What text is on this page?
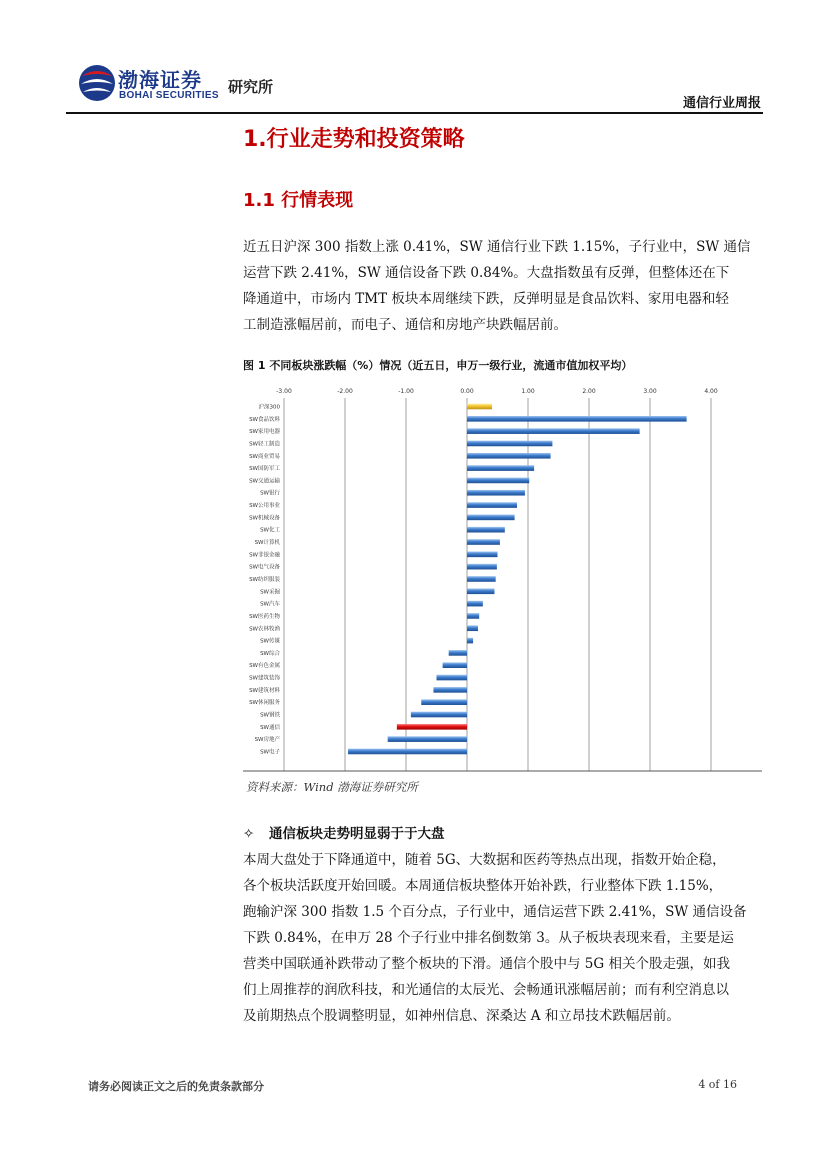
渤海证券
BOHAI SECURITIES 研究所
通信行业周报
1.行业走势和投资策略
1.1 行情表现
近五日沪深 300 指数上涨 0.41%，SW 通信行业下跌 1.15%，子行业中，SW 通信
运营下跌 2.41%，SW 通信设备下跌 0.84%。大盘指数虽有反弹，但整体还在下
降通道中，市场内 TMT 板块本周继续下跌，反弹明显是食品饮料、家用电器和轻
工制造涨幅居前，而电子、通信和房地产块跌幅居前。
图 1 不同板块涨跌幅（%）情况（近五日，申万一级行业，流通市值加权平均）
-3.00	-2.00	-1.00	0.00	1.00	2.00	3.00	4.00
沪深300
SW食品饮料
SW家用电器
SW轻工制造
SW商业贸易
SW国防军工
SW交通运输
SW银行
SW公用事业
SW机械设备
SW化工
SW计算机
SW非银金融
SW电气设备
SW纺织服装
SW采掘
SW汽车
SW医药生物
SW农林牧渔
SW传媒
SW综合
SW有色金属
SW建筑装饰
SW建筑材料
SW休闲服务
SW钢铁
SW通信
SW房地产
SW电子
资料来源：Wind 渤海证券研究所
✧ 通信板块走势明显弱于于大盘
本周大盘处于下降通道中，随着 5G、大数据和医药等热点出现，指数开始企稳，
各个板块活跃度开始回暖。本周通信板块整体开始补跌，行业整体下跌 1.15%，
跑输沪深 300 指数 1.5 个百分点，子行业中，通信运营下跌 2.41%，SW 通信设备
下跌 0.84%，在申万 28 个子行业中排名倒数第 3。从子板块表现来看，主要是运
营类中国联通补跌带动了整个板块的下滑。通信个股中与 5G 相关个股走强，如我
们上周推荐的润欣科技，和光通信的太辰光、会畅通讯涨幅居前；而有利空消息以
及前期热点个股调整明显，如神州信息、深桑达 A 和立昂技术跌幅居前。
请务必阅读正文之后的免责条款部分	4 of 16
